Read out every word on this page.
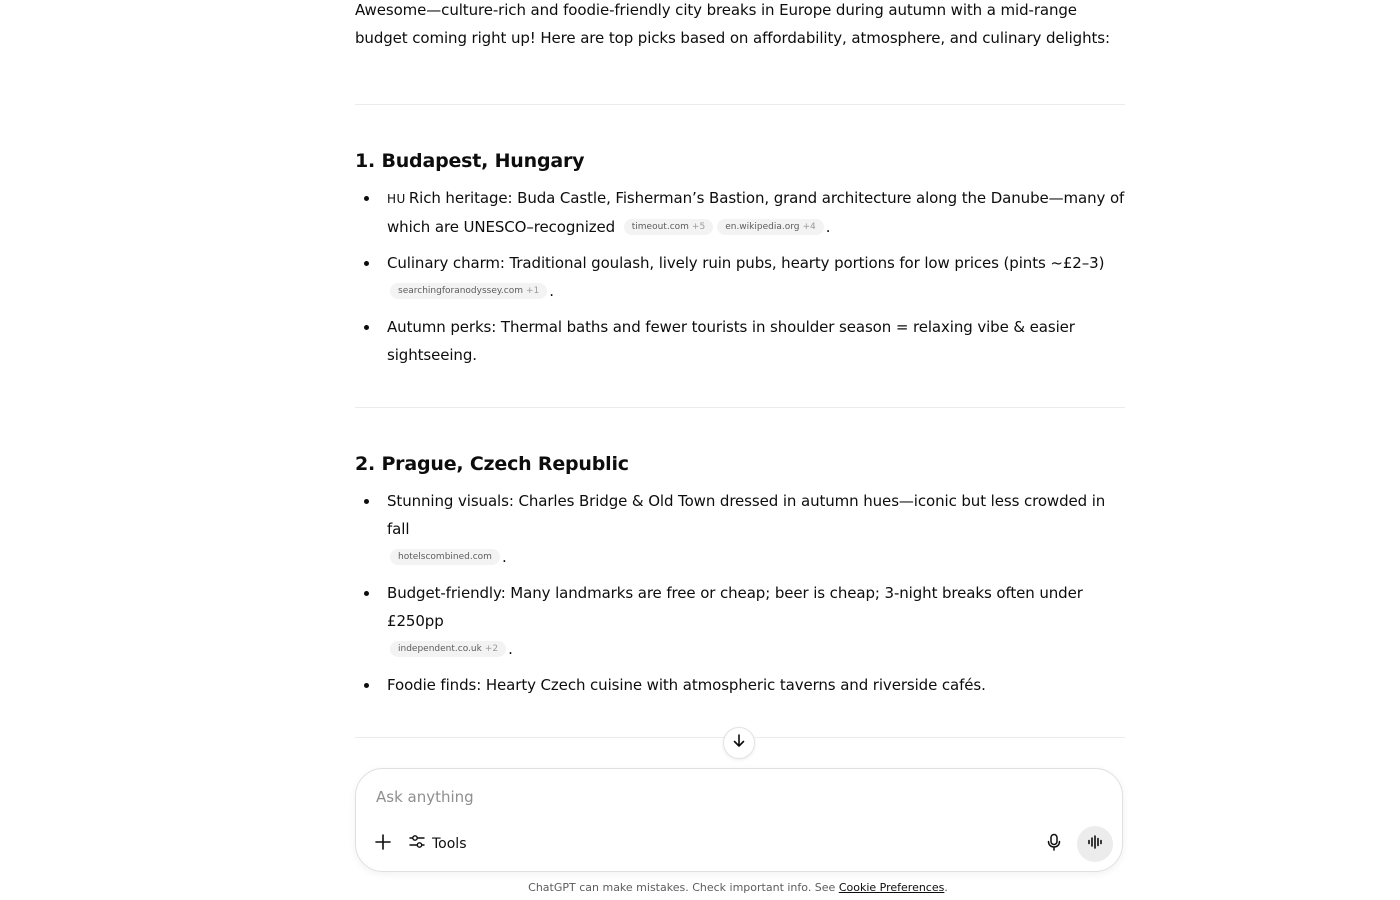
Awesome—culture-rich and foodie-friendly city breaks in Europe during autumn with a mid-range budget coming right up! Here are top picks based on affordability, atmosphere, and culinary delights:

1. Budapest, Hungary
HU Rich heritage: Buda Castle, Fisherman’s Bastion, grand architecture along the Danube—many of which are UNESCO–recognized timeout.com +5 en.wikipedia.org +4 .
Culinary charm: Traditional goulash, lively ruin pubs, hearty portions for low prices (pints ~£2–3)
searchingforanodyssey.com +1 .
Autumn perks: Thermal baths and fewer tourists in shoulder season = relaxing vibe & easier sightseeing.
2. Prague, Czech Republic
Stunning visuals: Charles Bridge & Old Town dressed in autumn hues—iconic but less crowded in fall
hotelscombined.com .
Budget-friendly: Many landmarks are free or cheap; beer is cheap; 3-night breaks often under £250pp
independent.co.uk +2 .
Foodie finds: Hearty Czech cuisine with atmospheric taverns and riverside cafés.
Ask anything
Tools
ChatGPT can make mistakes. Check important info. See Cookie Preferences.
